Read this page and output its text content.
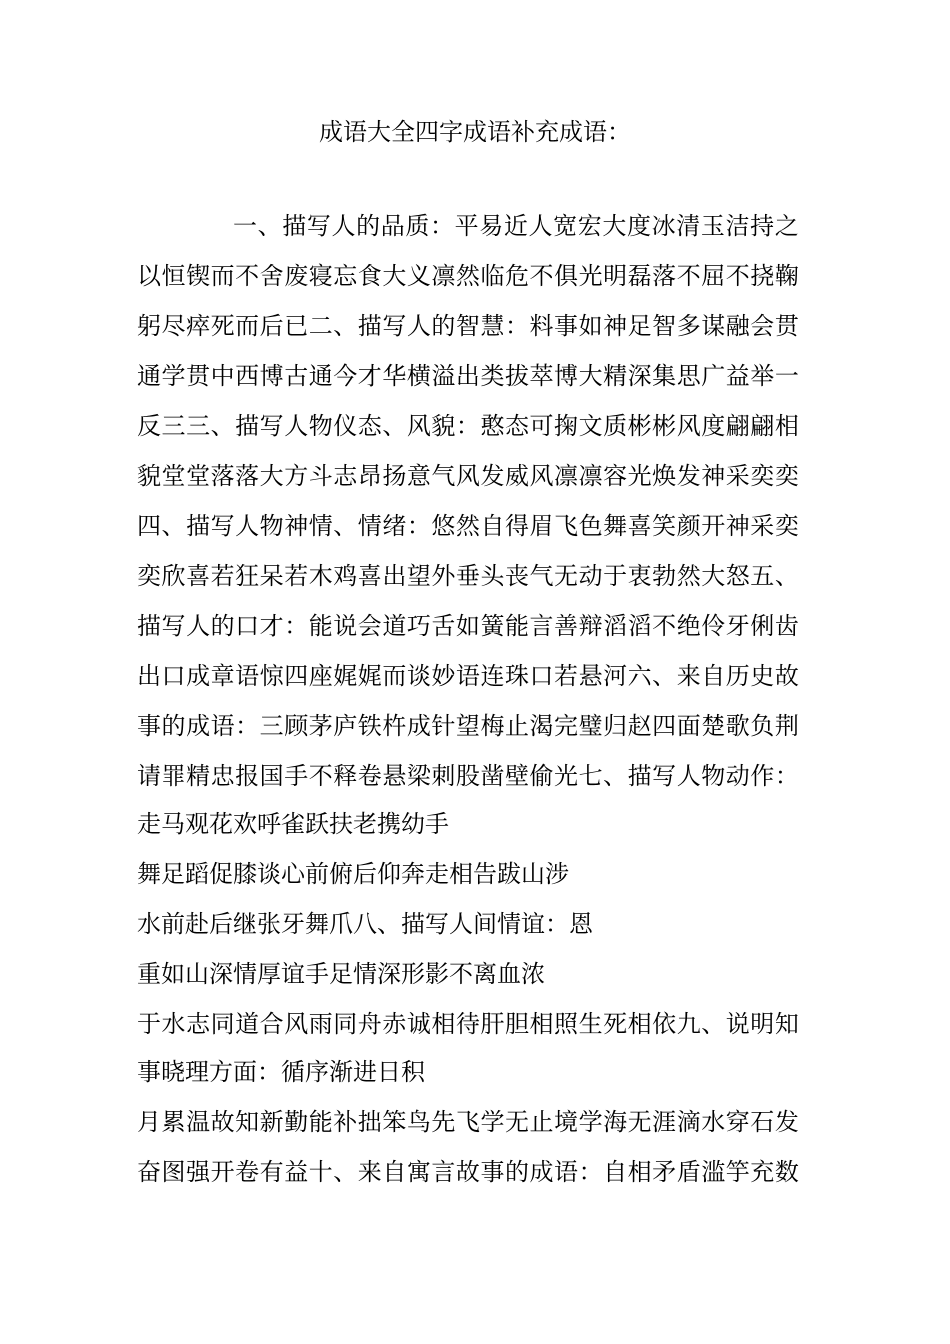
成语大全四字成语补充成语：
一 、 描 写 人 的 品 质 ： 平 易 近 人 宽 宏 大 度 冰 清 玉 洁 持 之
以 恒 锲 而 不 舍 废 寝 忘 食 大 义 凛 然 临 危 不 俱 光 明 磊 落 不 屈 不 挠 鞠
躬 尽 瘁 死 而 后 已 二 、 描 写 人 的 智 慧 ： 料 事 如 神 足 智 多 谋 融 会 贯
通 学 贯 中 西 博 古 通 今 才 华 横 溢 出 类 拔 萃 博 大 精 深 集 思 广 益 举 一
反 三 三 、 描 写 人 物 仪 态 、 风 貌 ： 憨 态 可 掬 文 质 彬 彬 风 度 翩 翩 相
貌 堂 堂 落 落 大 方 斗 志 昂 扬 意 气 风 发 威 风 凛 凛 容 光 焕 发 神 采 奕 奕
四 、 描 写 人 物 神 情 、 情 绪 ： 悠 然 自 得 眉 飞 色 舞 喜 笑 颜 开 神 采 奕
奕 欣 喜 若 狂 呆 若 木 鸡 喜 出 望 外 垂 头 丧 气 无 动 于 衷 勃 然 大 怒 五 、
描 写 人 的 口 才 ： 能 说 会 道 巧 舌 如 簧 能 言 善 辩 滔 滔 不 绝 伶 牙 俐 齿
出 口 成 章 语 惊 四 座 娓 娓 而 谈 妙 语 连 珠 口 若 悬 河 六 、 来 自 历 史 故
事 的 成 语 ： 三 顾 茅 庐 铁 杵 成 针 望 梅 止 渴 完 璧 归 赵 四 面 楚 歌 负 荆
请 罪 精 忠 报 国 手 不 释 卷 悬 梁 刺 股 凿 壁 偷 光 七 、 描 写 人 物 动 作 ：
走马观花欢呼雀跃扶老携幼手
舞足蹈促膝谈心前俯后仰奔走相告跋山涉
水前赴后继张牙舞爪八、描写人间情谊：恩
重如山深情厚谊手足情深形影不离血浓
于 水 志 同 道 合 风 雨 同 舟 赤 诚 相 待 肝 胆 相 照 生 死 相 依 九 、 说 明 知
事晓理方面：循序渐进日积
月 累 温 故 知 新 勤 能 补 拙 笨 鸟 先 飞 学 无 止 境 学 海 无 涯 滴 水 穿 石 发
奋 图 强 开 卷 有 益 十 、 来 自 寓 言 故 事 的 成 语 ： 自 相 矛 盾 滥 竽 充 数
